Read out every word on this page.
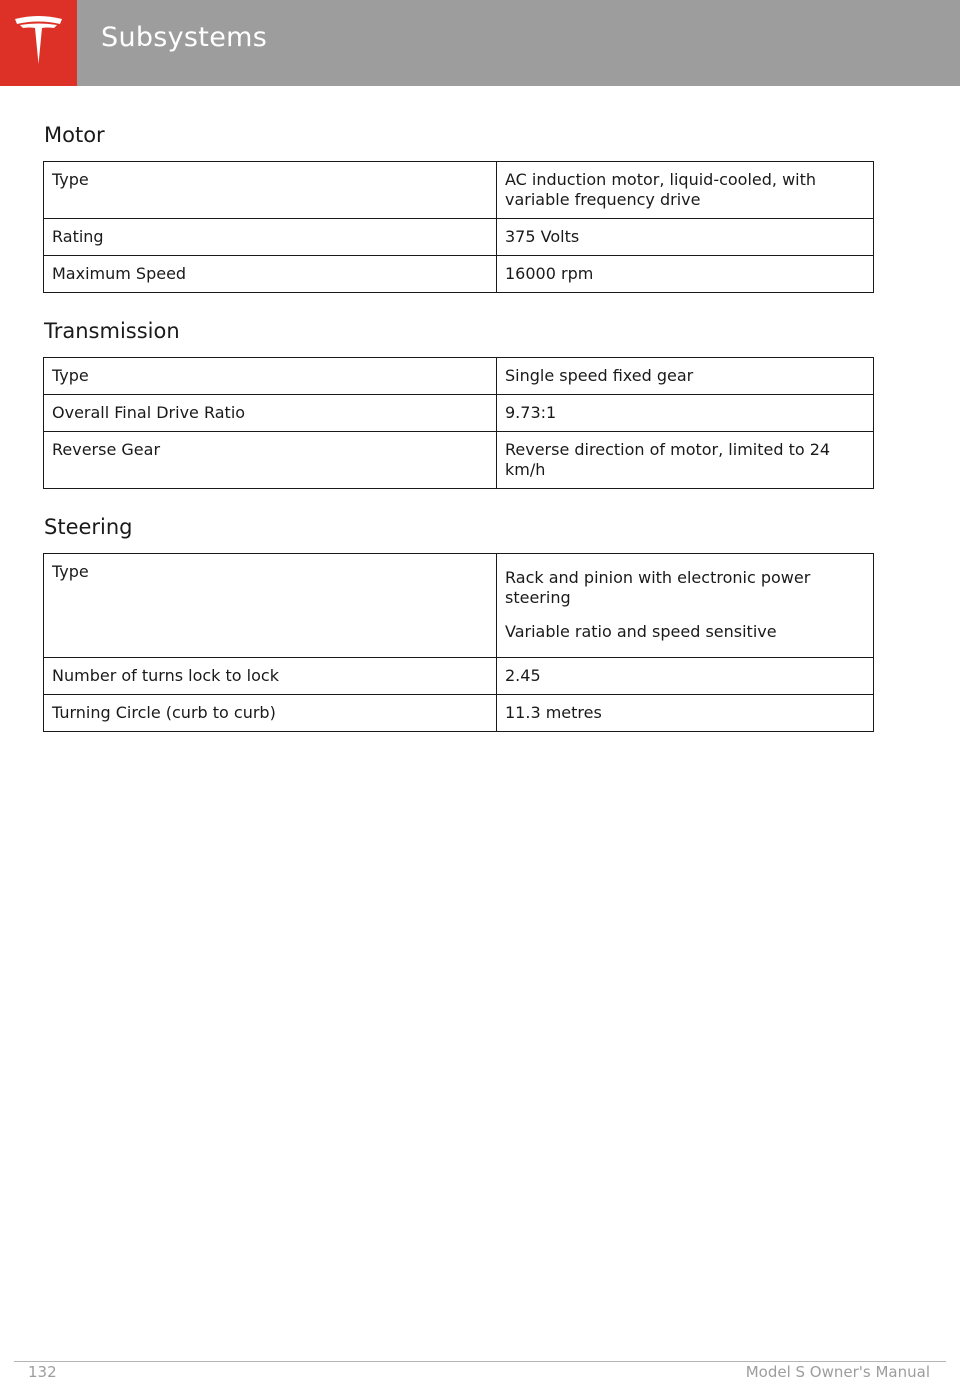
Subsystems
Motor
Type	AC induction motor, liquid-cooled, with variable frequency drive
Rating	375 Volts
Maximum Speed	16000 rpm
Transmission
Type	Single speed fixed gear
Overall Final Drive Ratio	9.73:1
Reverse Gear	Reverse direction of motor, limited to 24 km/h
Steering
Type	Rack and pinion with electronic power steering

Variable ratio and speed sensitive

Number of turns lock to lock	2.45
Turning Circle (curb to curb)	11.3 metres
132	Model S Owner's Manual
